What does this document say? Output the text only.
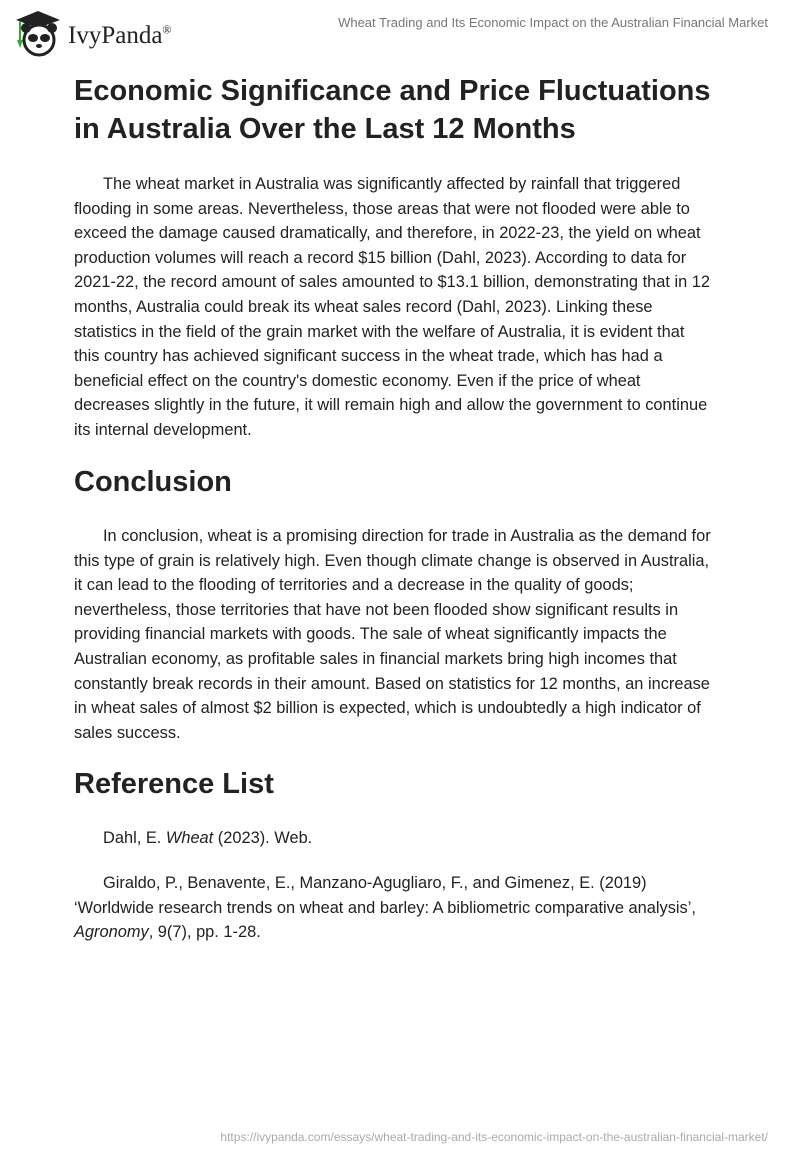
IvyPanda®	Wheat Trading and Its Economic Impact on the Australian Financial Market
Economic Significance and Price Fluctuations
in Australia Over the Last 12 Months
The wheat market in Australia was significantly affected by rainfall that triggered
flooding in some areas. Nevertheless, those areas that were not flooded were able to
exceed the damage caused dramatically, and therefore, in 2022-23, the yield on wheat
production volumes will reach a record $15 billion (Dahl, 2023). According to data for
2021-22, the record amount of sales amounted to $13.1 billion, demonstrating that in 12
months, Australia could break its wheat sales record (Dahl, 2023). Linking these
statistics in the field of the grain market with the welfare of Australia, it is evident that
this country has achieved significant success in the wheat trade, which has had a
beneficial effect on the country's domestic economy. Even if the price of wheat
decreases slightly in the future, it will remain high and allow the government to continue
its internal development.
Conclusion
In conclusion, wheat is a promising direction for trade in Australia as the demand for
this type of grain is relatively high. Even though climate change is observed in Australia,
it can lead to the flooding of territories and a decrease in the quality of goods;
nevertheless, those territories that have not been flooded show significant results in
providing financial markets with goods. The sale of wheat significantly impacts the
Australian economy, as profitable sales in financial markets bring high incomes that
constantly break records in their amount. Based on statistics for 12 months, an increase
in wheat sales of almost $2 billion is expected, which is undoubtedly a high indicator of
sales success.
Reference List
Dahl, E. Wheat (2023). Web.
Giraldo, P., Benavente, E., Manzano-Agugliaro, F., and Gimenez, E. (2019)
‘Worldwide research trends on wheat and barley: A bibliometric comparative analysis’,
Agronomy, 9(7), pp. 1-28.
https://ivypanda.com/essays/wheat-trading-and-its-economic-impact-on-the-australian-financial-market/
